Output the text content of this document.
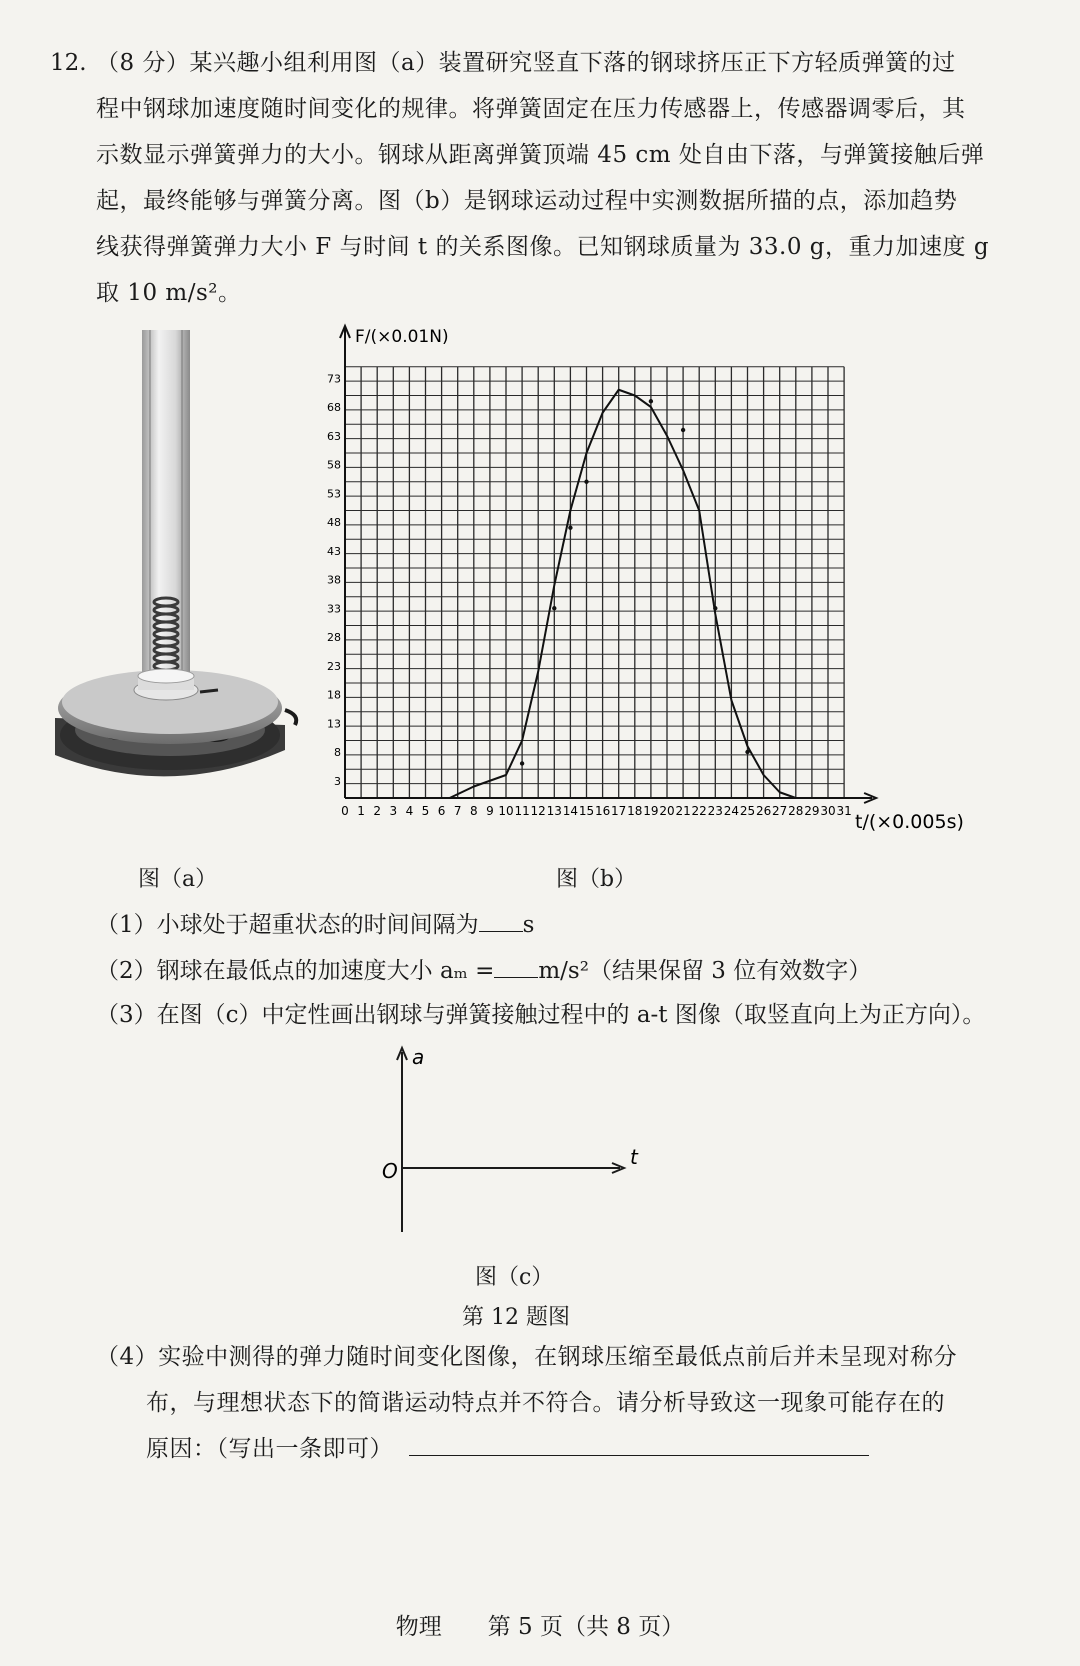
12. （8 分）某兴趣小组利用图（a）装置研究竖直下落的钢球挤压正下方轻质弹簧的过
程中钢球加速度随时间变化的规律。将弹簧固定在压力传感器上，传感器调零后，其
示数显示弹簧弹力的大小。钢球从距离弹簧顶端 45 cm 处自由下落，与弹簧接触后弹
起，最终能够与弹簧分离。图（b）是钢球运动过程中实测数据所描的点，添加趋势
线获得弹簧弹力大小 F 与时间 t 的关系图像。已知钢球质量为 33.0 g，重力加速度 g
取 10 m/s²。
0 1 2 3 4 5 6 7 8 9 10 11 12 13 14 15 16 17 18 19 20 21 22 23 24 25 26 27 28 29 30 31
3
8
13
18
23
28
33
38
43
48
53
58
63
68
73
F/(×0.01N)
t/(×0.005s)
图（a）	图（b）
（1）小球处于超重状态的时间间隔为 s
（2）钢球在最低点的加速度大小 aₘ = m/s²（结果保留 3 位有效数字）
（3）在图（c）中定性画出钢球与弹簧接触过程中的 a-t 图像（取竖直向上为正方向）。
a
t
O
图（c）
第 12 题图
（4）实验中测得的弹力随时间变化图像，在钢球压缩至最低点前后并未呈现对称分
布，与理想状态下的简谐运动特点并不符合。请分析导致这一现象可能存在的
原因：（写出一条即可）
物理　　第 5 页（共 8 页）
